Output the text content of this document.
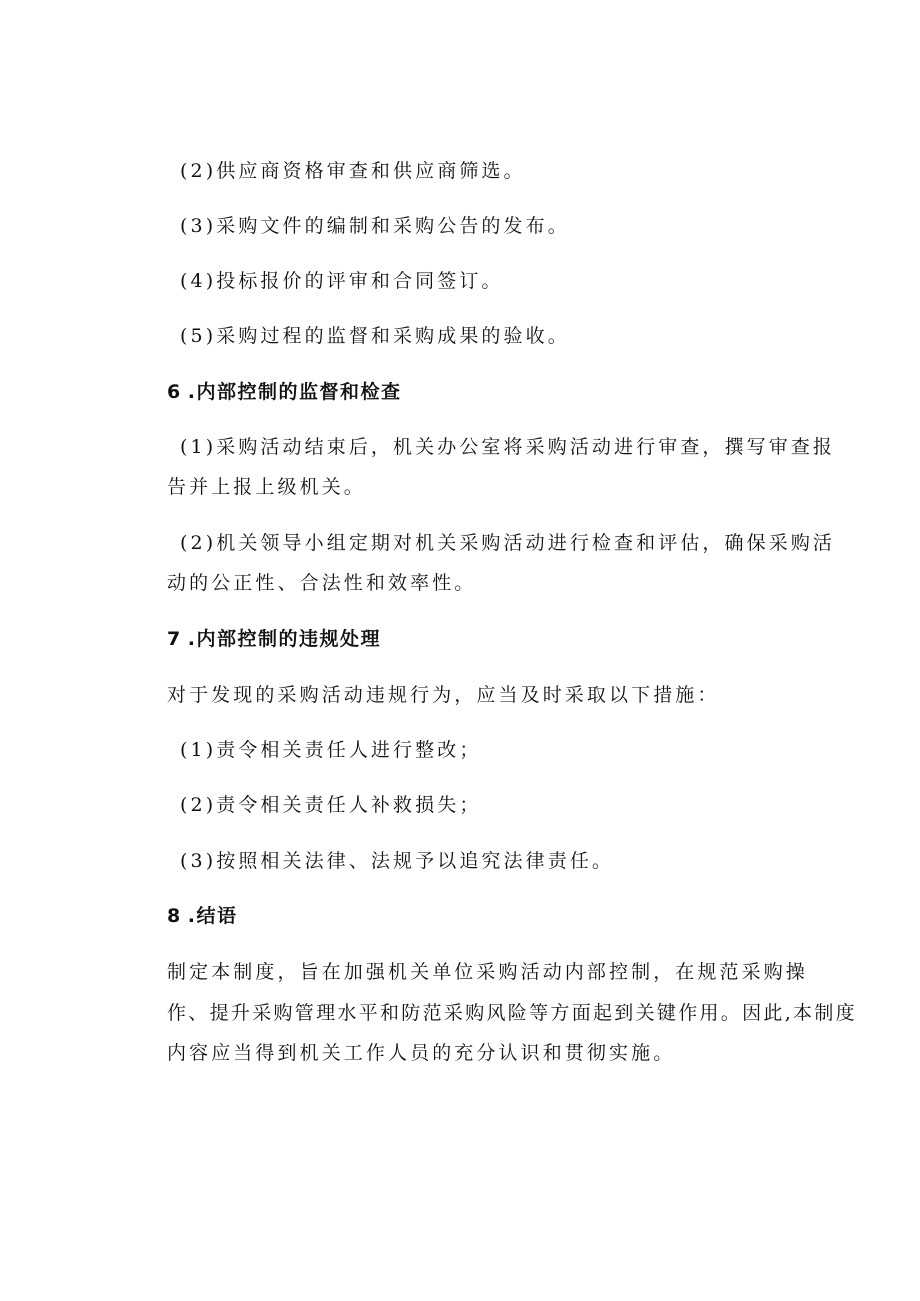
(2)供应商资格审查和供应商筛选。
(3)采购文件的编制和采购公告的发布。
(4)投标报价的评审和合同签订。
(5)采购过程的监督和采购成果的验收。
6 .内部控制的监督和检查
(1)采购活动结束后，机关办公室将采购活动进行审查，撰写审查报
告并上报上级机关。
(2)机关领导小组定期对机关采购活动进行检查和评估，确保采购活
动的公正性、合法性和效率性。
7 .内部控制的违规处理
对于发现的采购活动违规行为，应当及时采取以下措施：
(1)责令相关责任人进行整改；
(2)责令相关责任人补救损失；
(3)按照相关法律、法规予以追究法律责任。
8 .结语
制定本制度，旨在加强机关单位采购活动内部控制，在规范采购操
作、提升采购管理水平和防范采购风险等方面起到关键作用。因此,本制度
内容应当得到机关工作人员的充分认识和贯彻实施。
